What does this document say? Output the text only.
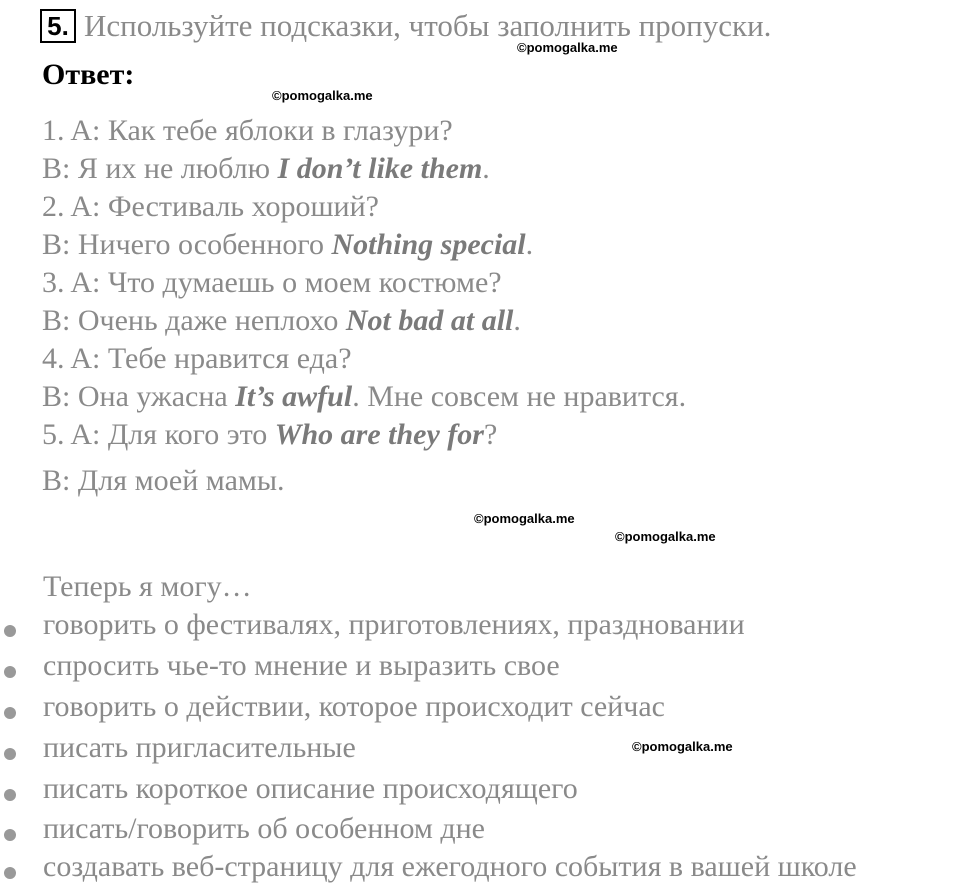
5. Используйте подсказки, чтобы заполнить пропуски.
Ответ:
©pomogalka.me
©pomogalka.me
©pomogalka.me
©pomogalka.me
©pomogalka.me
1. A: Как тебе яблоки в глазури?
B: Я их не люблю I don’t like them.
2. A: Фестиваль хороший?
B: Ничего особенного Nothing special.
3. A: Что думаешь о моем костюме?
B: Очень даже неплохо Not bad at all.
4. A: Тебе нравится еда?
B: Она ужасна It’s awful. Мне совсем не нравится.
5. A: Для кого это Who are they for?
B: Для моей мамы.
Теперь я могу…
говорить о фестивалях, приготовлениях, праздновании
спросить чье-то мнение и выразить свое
говорить о действии, которое происходит сейчас
писать пригласительные
писать короткое описание происходящего
писать/говорить об особенном дне
создавать веб-страницу для ежегодного события в вашей школе
